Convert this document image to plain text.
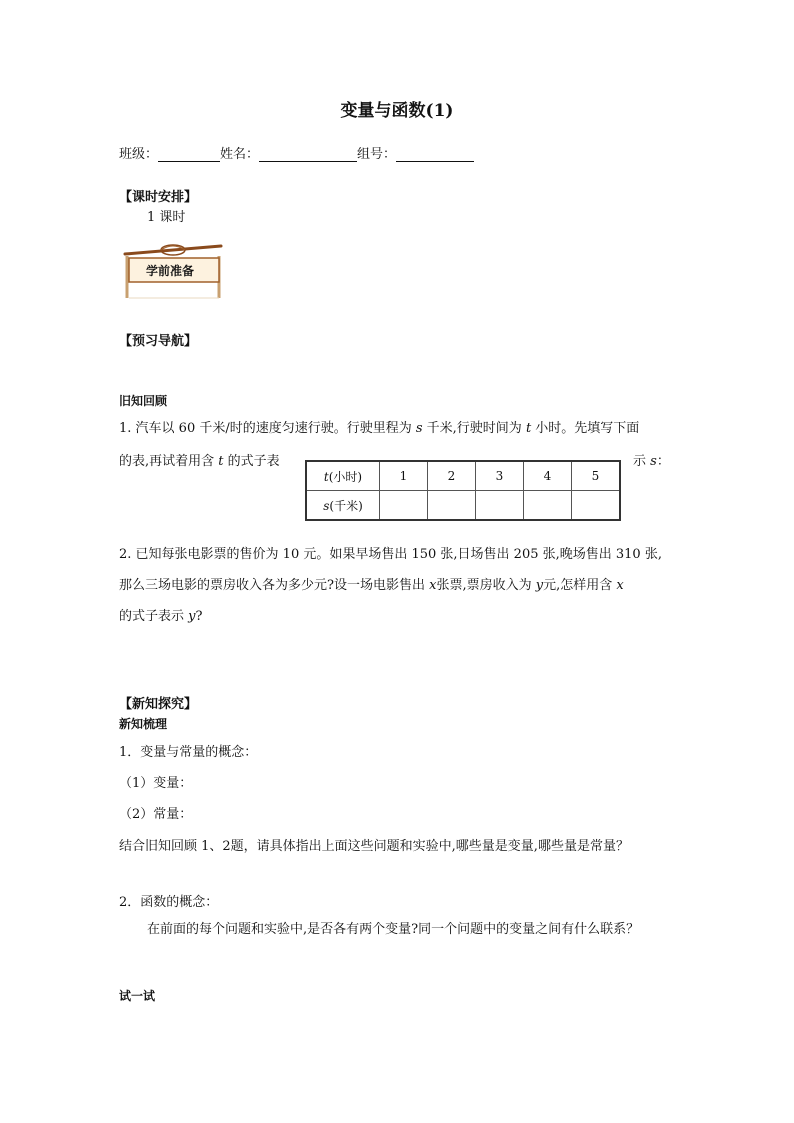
变量与函数(1)
班级：	姓名：	组号：
【课时安排】
1 课时
学前准备
【预习导航】
旧知回顾
1. 汽车以 60 千米/时的速度匀速行驶。行驶里程为 s 千米,行驶时间为 t 小时。先填写下面
的表,再试着用含 t 的式子表	示 s：
t(小时)	1	2	3	4	5
s(千米)					
2. 已知每张电影票的售价为 10 元。如果早场售出 150 张,日场售出 205 张,晚场售出 310 张,
那么三场电影的票房收入各为多少元?设一场电影售出 x张票,票房收入为 y元,怎样用含 x
的式子表示 y?
【新知探究】
新知梳理
1．变量与常量的概念：
（1）变量：
（2）常量：
结合旧知回顾 1、2题，请具体指出上面这些问题和实验中,哪些量是变量,哪些量是常量？
2．函数的概念：
在前面的每个问题和实验中,是否各有两个变量?同一个问题中的变量之间有什么联系？
试一试
